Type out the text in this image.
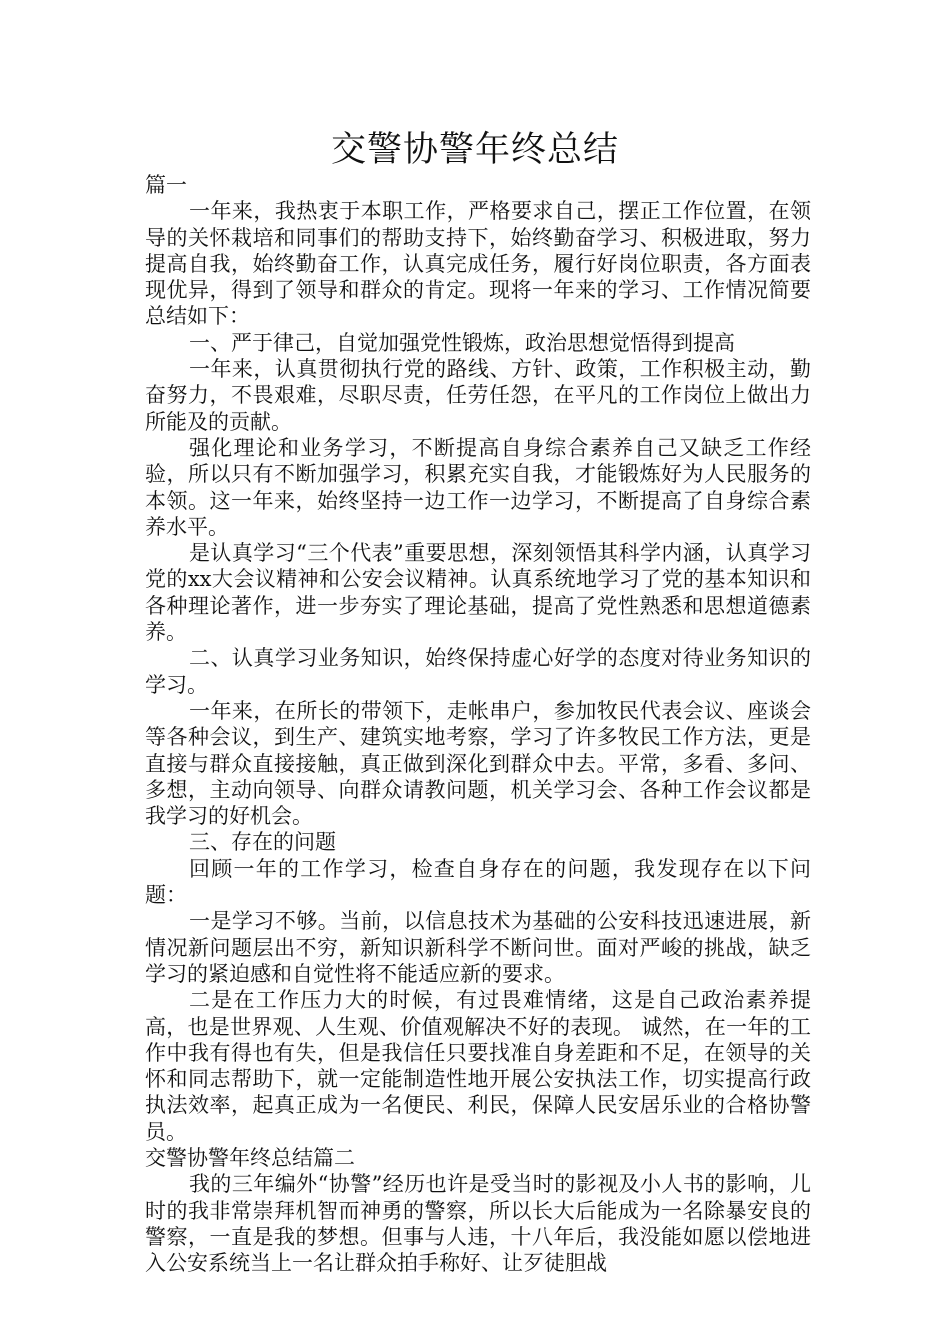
交警协警年终总结

篇一

一年来，我热衷于本职工作，严格要求自己，摆正工作位置，在领导的关怀栽培和同事们的帮助支持下，始终勤奋学习、积极进取，努力提高自我，始终勤奋工作，认真完成任务，履行好岗位职责，各方面表现优异，得到了领导和群众的肯定。现将一年来的学习、工作情况简要总结如下：

一、严于律己，自觉加强党性锻炼，政治思想觉悟得到提高

一年来，认真贯彻执行党的路线、方针、政策，工作积极主动，勤奋努力，不畏艰难，尽职尽责，任劳任怨，在平凡的工作岗位上做出力所能及的贡献。

强化理论和业务学习，不断提高自身综合素养自己又缺乏工作经验，所以只有不断加强学习，积累充实自我，才能锻炼好为人民服务的本领。这一年来，始终坚持一边工作一边学习，不断提高了自身综合素养水平。

是认真学习“三个代表”重要思想，深刻领悟其科学内涵，认真学习党的xx大会议精神和公安会议精神。认真系统地学习了党的基本知识和各种理论著作，进一步夯实了理论基础，提高了党性熟悉和思想道德素养。

二、认真学习业务知识，始终保持虚心好学的态度对待业务知识的学习。

一年来，在所长的带领下，走帐串户，参加牧民代表会议、座谈会等各种会议，到生产、建筑实地考察，学习了许多牧民工作方法，更是直接与群众直接接触，真正做到深化到群众中去。平常，多看、多问、多想，主动向领导、向群众请教问题，机关学习会、各种工作会议都是我学习的好机会。

三、存在的问题

回顾一年的工作学习，检查自身存在的问题，我发现存在以下问题：

一是学习不够。当前，以信息技术为基础的公安科技迅速进展，新情况新问题层出不穷，新知识新科学不断问世。面对严峻的挑战，缺乏学习的紧迫感和自觉性将不能适应新的要求。

二是在工作压力大的时候，有过畏难情绪，这是自己政治素养提高，也是世界观、人生观、价值观解决不好的表现。 诚然，在一年的工作中我有得也有失，但是我信任只要找准自身差距和不足，在领导的关怀和同志帮助下，就一定能制造性地开展公安执法工作，切实提高行政执法效率，起真正成为一名便民、利民，保障人民安居乐业的合格协警员。

交警协警年终总结篇二

我的三年编外“协警”经历也许是受当时的影视及小人书的影响，儿时的我非常崇拜机智而神勇的警察，所以长大后能成为一名除暴安良的警察，一直是我的梦想。但事与人违，十八年后，我没能如愿以偿地进入公安系统当上一名让群众拍手称好、让歹徒胆战
